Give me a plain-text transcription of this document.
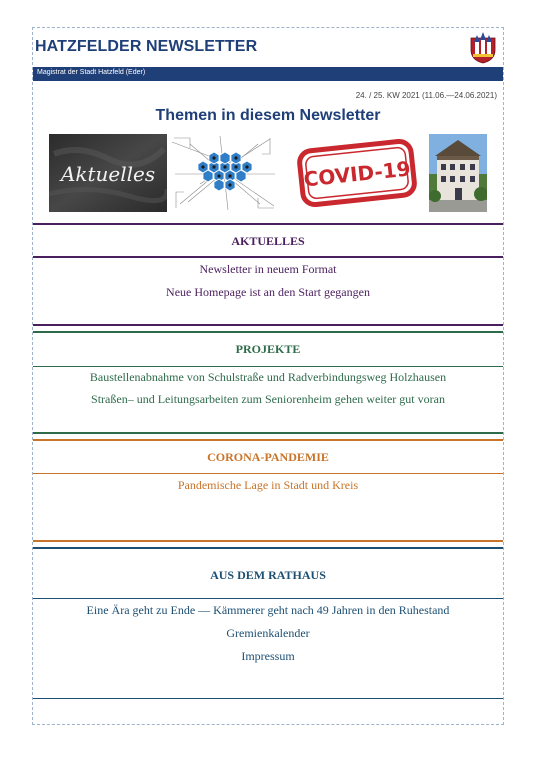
HATZFELDER NEWSLETTER
Magistrat der Stadt Hatzfeld (Eder)
24. / 25. KW 2021 (11.06.—24.06.2021)
Themen in diesem Newsletter
Aktuelles	COVID-19
AKTUELLES
Newsletter in neuem Format
Neue Homepage ist an den Start gegangen
PROJEKTE
Baustellenabnahme von Schulstraße und Radverbindungsweg Holzhausen
Straßen– und Leitungsarbeiten zum Seniorenheim gehen weiter gut voran
CORONA-PANDEMIE
Pandemische Lage in Stadt und Kreis
AUS DEM RATHAUS
Eine Ära geht zu Ende — Kämmerer geht nach 49 Jahren in den Ruhestand
Gremienkalender
Impressum
